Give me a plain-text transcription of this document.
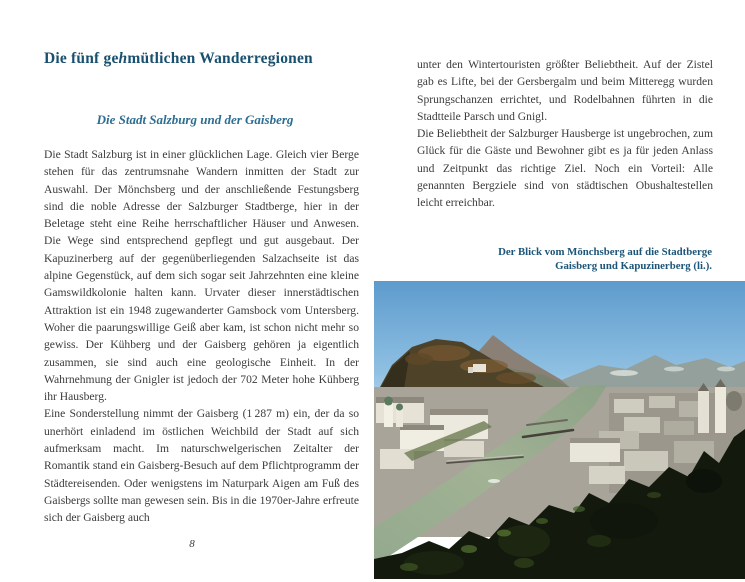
Die fünf gehmütlichen Wanderregionen
Die Stadt Salzburg und der Gaisberg

Die Stadt Salzburg ist in einer glücklichen Lage. Gleich vier Berge stehen für das zentrumsnahe Wandern inmitten der Stadt zur Auswahl. Der Mönchsberg und der anschließende Festungsberg sind die noble Adresse der Salzburger Stadtberge, hier in der Beletage steht eine Reihe herrschaftlicher Häuser und Anwesen. Die Wege sind entsprechend gepflegt und gut ausgebaut. Der Kapuzinerberg auf der gegenüberliegenden Salzachseite ist das alpine Gegenstück, auf dem sich sogar seit Jahrzehnten eine kleine Gamswildkolonie halten kann. Urvater dieser innerstädtischen Attraktion ist ein 1948 zugewanderter Gamsbock vom Untersberg. Woher die paarungswillige Geiß aber kam, ist schon nicht mehr so gewiss. Der Kühberg und der Gaisberg gehören ja eigentlich zusammen, sie sind auch eine geologische Einheit. In der Wahrnehmung der Gnigler ist jedoch der 702 Meter hohe Kühberg ihr Hausberg.

Eine Sonderstellung nimmt der Gaisberg (1 287 m) ein, der da so unerhört einladend im östlichen Weichbild der Stadt auf sich aufmerksam macht. Im naturschwelgerischen Zeitalter der Romantik stand ein Gaisberg-Besuch auf dem Pflichtprogramm der Städtereisenden. Oder wenigstens im Naturpark Aigen am Fuß des Gaisbergs sollte man gewesen sein. Bis in die 1970er-Jahre erfreute sich der Gaisberg auch

8

unter den Wintertouristen größter Beliebtheit. Auf der Zistel gab es Lifte, bei der Gersbergalm und beim Mitteregg wurden Sprungschanzen errichtet, und Rodelbahnen führten in die Stadtteile Parsch und Gnigl.

Die Beliebtheit der Salzburger Hausberge ist ungebrochen, zum Glück für die Gäste und Bewohner gibt es ja für jeden Anlass und Zeitpunkt das richtige Ziel. Noch ein Vorteil: Alle genannten Bergziele sind von städtischen Obushaltestellen leicht erreichbar.

Der Blick vom Mönchsberg auf die Stadtberge
Gaisberg und Kapuzinerberg (li.).
